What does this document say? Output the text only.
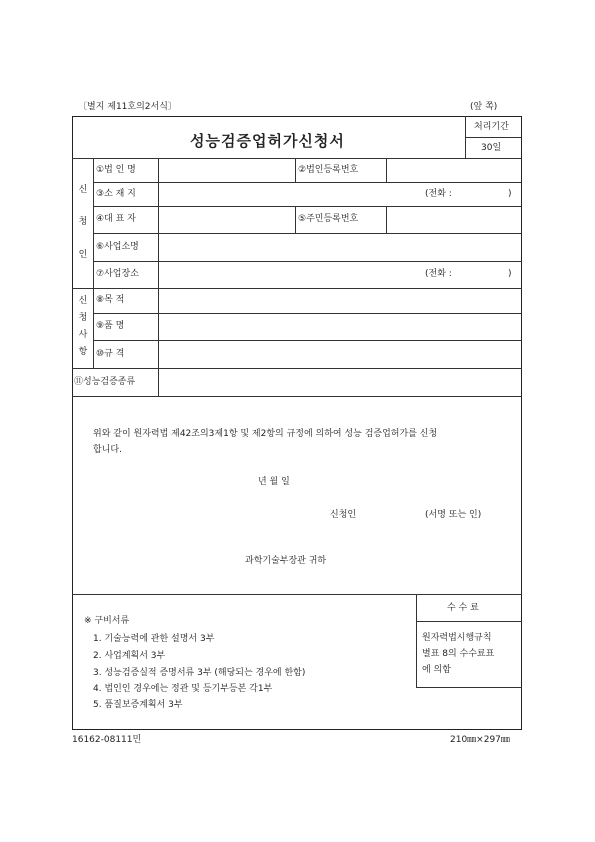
〔별지 제11호의2서식〕	(앞 쪽)
성능검증업허가신청서
처리기간
30일
신
청
인
①법 인 명	②법인등록번호
③소 재 지	(전화 :	)
④대 표 자	⑤주민등록번호
⑥사업소명
⑦사업장소	(전화 :	)
신
청
사
항
⑧목 적
⑨품 명
⑩규 격
⑪성능검증종류
위와 같이 원자력법 제42조의3제1항 및 제2항의 규정에 의하여 성능 검증업허가를 신청
합니다.
년 월 일
신청인	(서명 또는 인)
과학기술부장관 귀하
수 수 료
원자력법시행규칙
별표 8의 수수료표
에 의함
※ 구비서류
1. 기술능력에 관한 설명서 3부
2. 사업계획서 3부
3. 성능검증실적 증명서류 3부 (해당되는 경우에 한함)
4. 법인인 경우에는 정관 및 등기부등본 각1부
5. 품질보증계획서 3부
16162-08111민	210㎜×297㎜
